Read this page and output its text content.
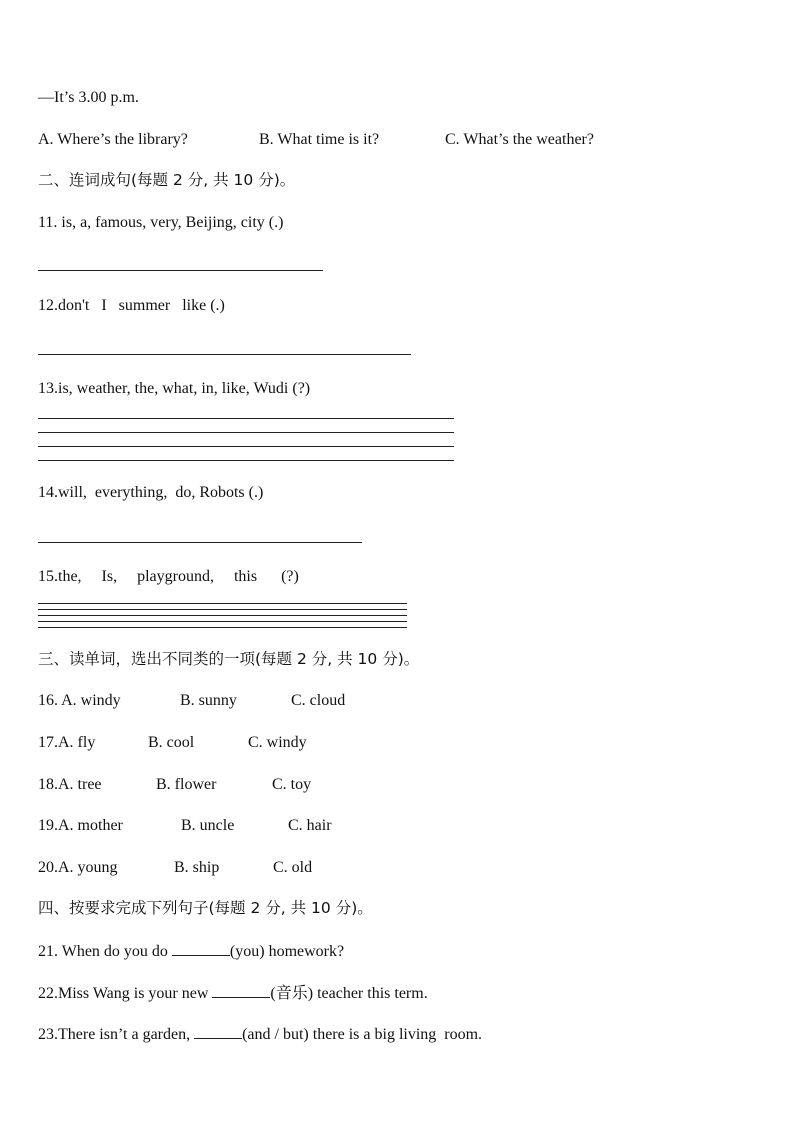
—It’s 3.00 p.m.
A. Where’s the library?	B. What time is it?	C. What’s the weather?
二、连词成句(每题 2 分, 共 10 分)。
11. is, a, famous, very, Beijing, city (.)
12.don't   I   summer   like (.)
13.is, weather, the, what, in, like, Wudi (?)
14.will,  everything,  do, Robots (.)
15.the,     Is,     playground,     this      (?)
三、读单词，选出不同类的一项(每题 2 分, 共 10 分)。
16. A. windy	B. sunny	C. cloud
17.A. fly	B. cool	C. windy
18.A. tree	B. flower	C. toy
19.A. mother	B. uncle	C. hair
20.A. young	B. ship	C. old
四、按要求完成下列句子(每题 2 分, 共 10 分)。
21. When do you do	(you) homework?
22.Miss Wang is your new	(音乐) teacher this term.
23.There isn’t a garden,	(and / but) there is a big living  room.
